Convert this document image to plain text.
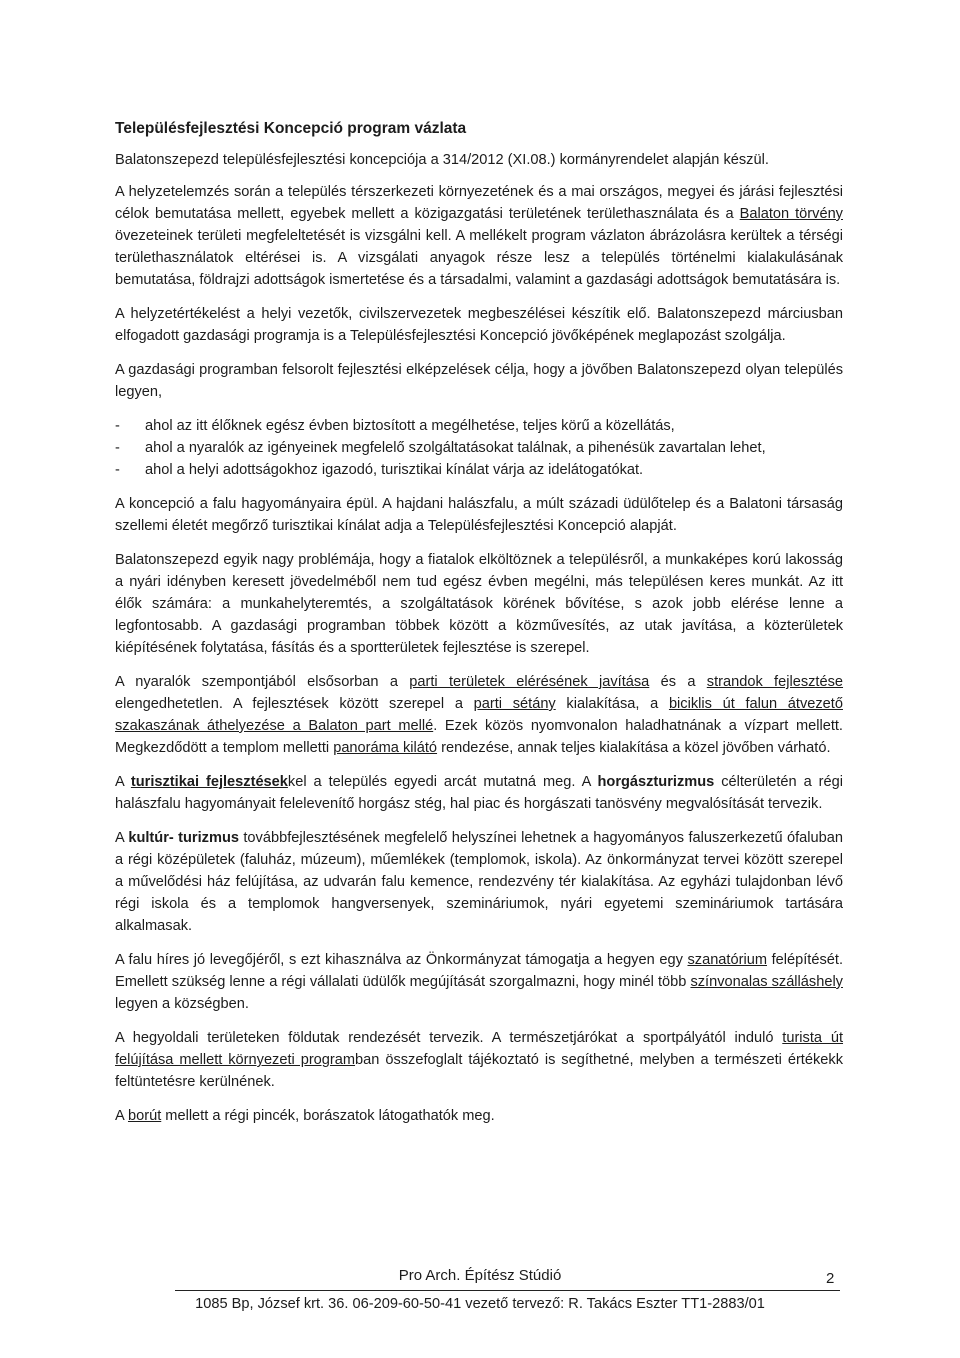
Településfejlesztési Koncepció program vázlata
Balatonszepezd településfejlesztési koncepciója a 314/2012 (XI.08.) kormányrendelet alapján készül.
A helyzetelemzés során a település térszerkezeti környezetének és a mai országos, megyei és járási fejlesztési célok bemutatása mellett, egyebek mellett a közigazgatási területének területhasználata és a Balaton törvény övezeteinek területi megfeleltetését is vizsgálni kell. A mellékelt program vázlaton ábrázolásra kerültek a térségi területhasználatok eltérései is. A vizsgálati anyagok része lesz a település történelmi kialakulásának bemutatása, földrajzi adottságok ismertetése és a társadalmi, valamint a gazdasági adottságok bemutatására is.
A helyzetértékelést a helyi vezetők, civilszervezetek megbeszélései készítik elő. Balatonszepezd márciusban elfogadott gazdasági programja is a Településfejlesztési Koncepció jövőképének meglapozást szolgálja.
A gazdasági programban felsorolt fejlesztési elképzelések célja, hogy a jövőben Balatonszepezd olyan település legyen,
- ahol az itt élőknek egész évben biztosított a megélhetése, teljes körű a közellátás,
- ahol a nyaralók az igényeinek megfelelő szolgáltatásokat találnak, a pihenésük zavartalan lehet,
- ahol a helyi adottságokhoz igazodó, turisztikai kínálat várja az idelátogatókat.
A koncepció a falu hagyományaira épül. A hajdani halászfalu, a múlt századi üdülőtelep és a Balatoni társaság szellemi életét megőrző turisztikai kínálat adja a Településfejlesztési Koncepció alapját.
Balatonszepezd egyik nagy problémája, hogy a fiatalok elköltöznek a településről, a munkaképes korú lakosság a nyári idényben keresett jövedelméből nem tud egész évben megélni, más településen keres munkát. Az itt élők számára: a munkahelyteremtés, a szolgáltatások körének bővítése, s azok jobb elérése lenne a legfontosabb. A gazdasági programban többek között a közművesítés, az utak javítása, a közterületek kiépítésének folytatása, fásítás és a sportterületek fejlesztése is szerepel.
A nyaralók szempontjából elsősorban a parti területek elérésének javítása és a strandok fejlesztése elengedhetetlen. A fejlesztések között szerepel a parti sétány kialakítása, a biciklis út falun átvezető szakaszának áthelyezése a Balaton part mellé. Ezek közös nyomvonalon haladhatnának a vízpart mellett. Megkezdődött a templom melletti panoráma kilátó rendezése, annak teljes kialakítása a közel jövőben várható.
A turisztikai fejlesztésekkel a település egyedi arcát mutatná meg. A horgászturizmus célterületén a régi halászfalu hagyományait felelevenítő horgász stég, hal piac és horgászati tanösvény megvalósítását tervezik.
A kultúr- turizmus továbbfejlesztésének megfelelő helyszínei lehetnek a hagyományos faluszerkezetű ófaluban a régi középületek (faluház, múzeum), műemlékek (templomok, iskola). Az önkormányzat tervei között szerepel a művelődési ház felújítása, az udvarán falu kemence, rendezvény tér kialakítása. Az egyházi tulajdonban lévő régi iskola és a templomok hangversenyek, szemináriumok, nyári egyetemi szemináriumok tartására alkalmasak.
A falu híres jó levegőjéről, s ezt kihasználva az Önkormányzat támogatja a hegyen egy szanatórium felépítését. Emellett szükség lenne a régi vállalati üdülők megújítását szorgalmazni, hogy minél több színvonalas szálláshely legyen a községben.
A hegyoldali területeken földutak rendezését tervezik. A természetjárókat a sportpályától induló turista út felújítása mellett környezeti programban összefoglalt tájékoztató is segíthetné, melyben a természeti értékekk feltüntetésre kerülnének.
A borút mellett a régi pincék, borászatok látogathatók meg.
Pro Arch. Építész Stúdió	2
1085 Bp, József krt. 36. 06-209-60-50-41 vezető tervező: R. Takács Eszter TT1-2883/01
